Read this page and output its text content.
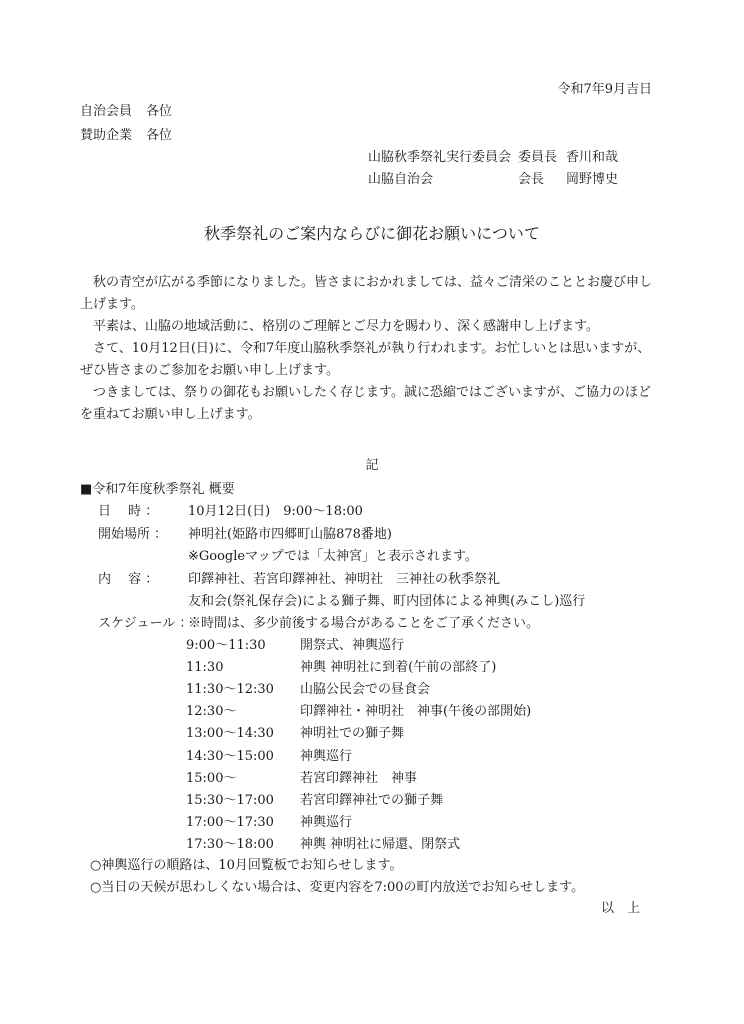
令和7年9月吉日
自治会員 各位
賛助企業 各位
山脇秋季祭礼実行委員会 委員長 香川和哉
山脇自治会	会長 岡野博史
秋季祭礼のご案内ならびに御花お願いについて

秋の青空が広がる季節になりました。皆さまにおかれましては、益々ご清栄のこととお慶び申し上げます。

平素は、山脇の地域活動に、格別のご理解とご尽力を賜わり、深く感謝申し上げます。

さて、10月12日(日)に、令和7年度山脇秋季祭礼が執り行われます。お忙しいとは思いますが、ぜひ皆さまのご参加をお願い申し上げます。

つきましては、祭りの御花もお願いしたく存じます。誠に恐縮ではございますが、ご協力のほどを重ねてお願い申し上げます。

記
■令和7年度秋季祭礼 概要
日　 時 ： 10月12日(日)　9:00～18:00
開始場所 ： 神明社(姫路市四郷町山脇878番地)
※Googleマップでは「太神宮」と表示されます。
内　 容 ： 印鐸神社、若宮印鐸神社、神明社　三神社の秋季祭礼
友和会(祭礼保存会)による獅子舞、町内団体による神輿(みこし)巡行
スケジュール ：
※時間は、多少前後する場合があることをご了承ください。
9:00～11:30	開祭式、神輿巡行
11:30	神輿 神明社に到着(午前の部終了)
11:30～12:30 山脇公民会での昼食会
12:30～	印鐸神社・神明社　神事(午後の部開始)
13:00～14:30 神明社での獅子舞
14:30～15:00 神輿巡行
15:00～	若宮印鐸神社　神事
15:30～17:00 若宮印鐸神社での獅子舞
17:00～17:30 神輿巡行
17:30～18:00 神輿 神明社に帰還、閉祭式
○神輿巡行の順路は、10月回覧板でお知らせします。
○当日の天候が思わしくない場合は、変更内容を7:00の町内放送でお知らせします。
以　上
